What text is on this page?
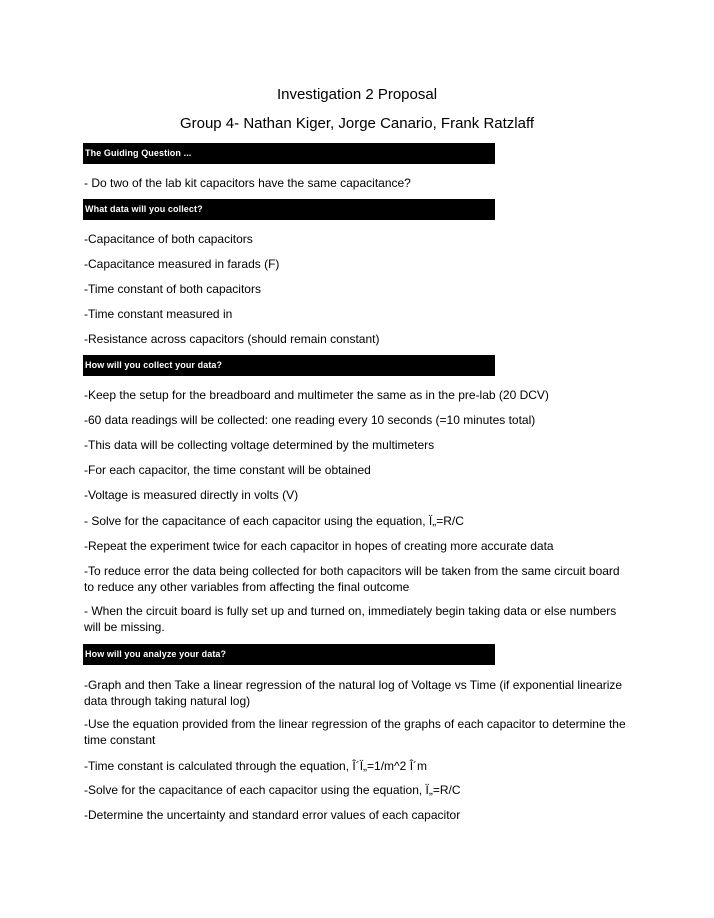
Investigation 2 Proposal
Group 4- Nathan Kiger, Jorge Canario, Frank Ratzlaff
The Guiding Question ...
- Do two of the lab kit capacitors have the same capacitance?
What data will you collect?
-Capacitance of both capacitors
-Capacitance measured in farads (F)
-Time constant of both capacitors
-Time constant measured in
-Resistance across capacitors (should remain constant)
How will you collect your data?
-Keep the setup for the breadboard and multimeter the same as in the pre-lab (20 DCV)
-60 data readings will be collected: one reading every 10 seconds (=10 minutes total)
-This data will be collecting voltage determined by the multimeters
-For each capacitor, the time constant will be obtained
-Voltage is measured directly in volts (V)
- Solve for the capacitance of each capacitor using the equation, Ï„=R/C
-Repeat the experiment twice for each capacitor in hopes of creating more accurate data
-To reduce error the data being collected for both capacitors will be taken from the same circuit board to reduce any other variables from affecting the final outcome
- When the circuit board is fully set up and turned on, immediately begin taking data or else numbers will be missing.
How will you analyze your data?
-Graph and then Take a linear regression of the natural log of Voltage vs Time (if exponential linearize data through taking natural log)
-Use the equation provided from the linear regression of the graphs of each capacitor to determine the time constant
-Time constant is calculated through the equation, Î´Ï„=1/m^2 Î´m
-Solve for the capacitance of each capacitor using the equation, Ï„=R/C
-Determine the uncertainty and standard error values of each capacitor
